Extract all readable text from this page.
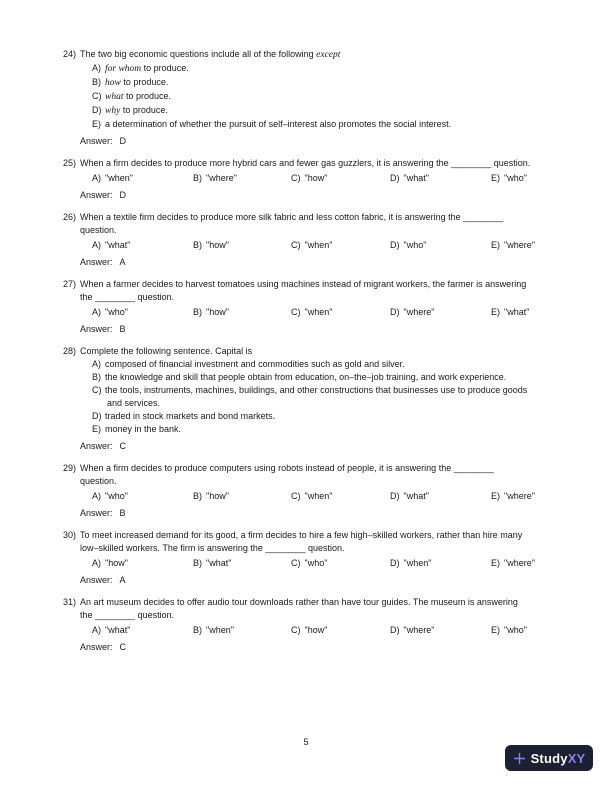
24) The two big economic questions include all of the following except
A) for whom to produce.
B) how to produce.
C) what to produce.
D) why to produce.
E) a determination of whether the pursuit of self–interest also promotes the social interest.
Answer: D
25) When a firm decides to produce more hybrid cars and fewer gas guzzlers, it is answering the ________ question.
A) "when"	B) "where"	C) "how"	D) "what"	E) "who"
Answer: D
26) When a textile firm decides to produce more silk fabric and less cotton fabric, it is answering the ________
question.
A) "what"	B) "how"	C) "when"	D) "who"	E) "where"
Answer: A
27) When a farmer decides to harvest tomatoes using machines instead of migrant workers, the farmer is answering
the ________ question.
A) "who"	B) "how"	C) "when"	D) "where"	E) "what"
Answer: B
28) Complete the following sentence. Capital is
A) composed of financial investment and commodities such as gold and silver.
B) the knowledge and skill that people obtain from education, on–the–job training, and work experience.
C) the tools, instruments, machines, buildings, and other constructions that businesses use to produce goods
and services.
D) traded in stock markets and bond markets.
E) money in the bank.
Answer: C
29) When a firm decides to produce computers using robots instead of people, it is answering the ________
question.
A) "who"	B) "how"	C) "when"	D) "what"	E) "where"
Answer: B
30) To meet increased demand for its good, a firm decides to hire a few high–skilled workers, rather than hire many
low–skilled workers. The firm is answering the ________ question.
A) "how"	B) "what"	C) "who"	D) "when"	E) "where"
Answer: A
31) An art museum decides to offer audio tour downloads rather than have tour guides. The museum is answering
the ________ question.
A) "what"	B) "when"	C) "how"	D) "where"	E) "who"
Answer: C
5
StudyXY
